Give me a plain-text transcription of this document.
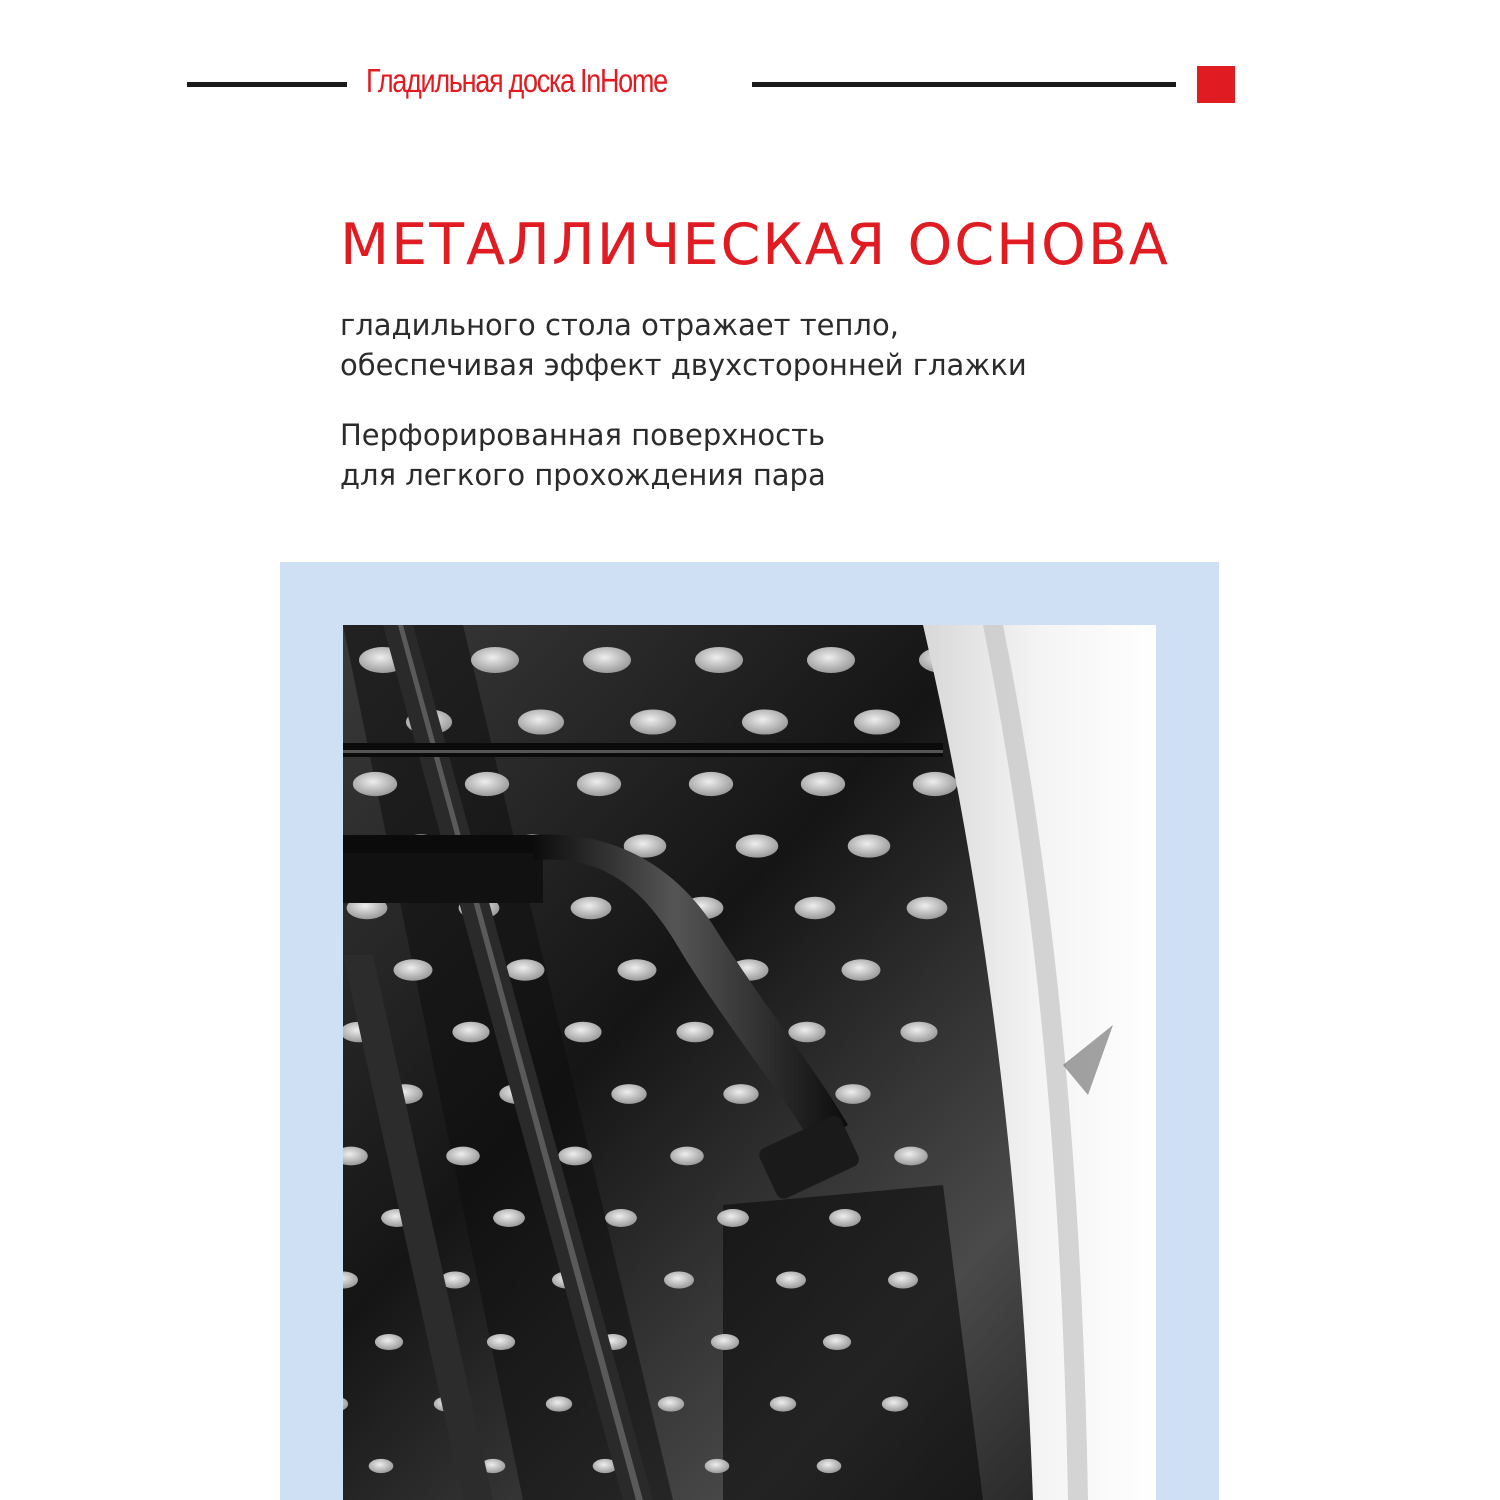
Гладильная доска InHome
МЕТАЛЛИЧЕСКАЯ ОСНОВА
гладильного стола отражает тепло,
обеспечивая эффект двухсторонней глажки
Перфорированная поверхность
для легкого прохождения пара
